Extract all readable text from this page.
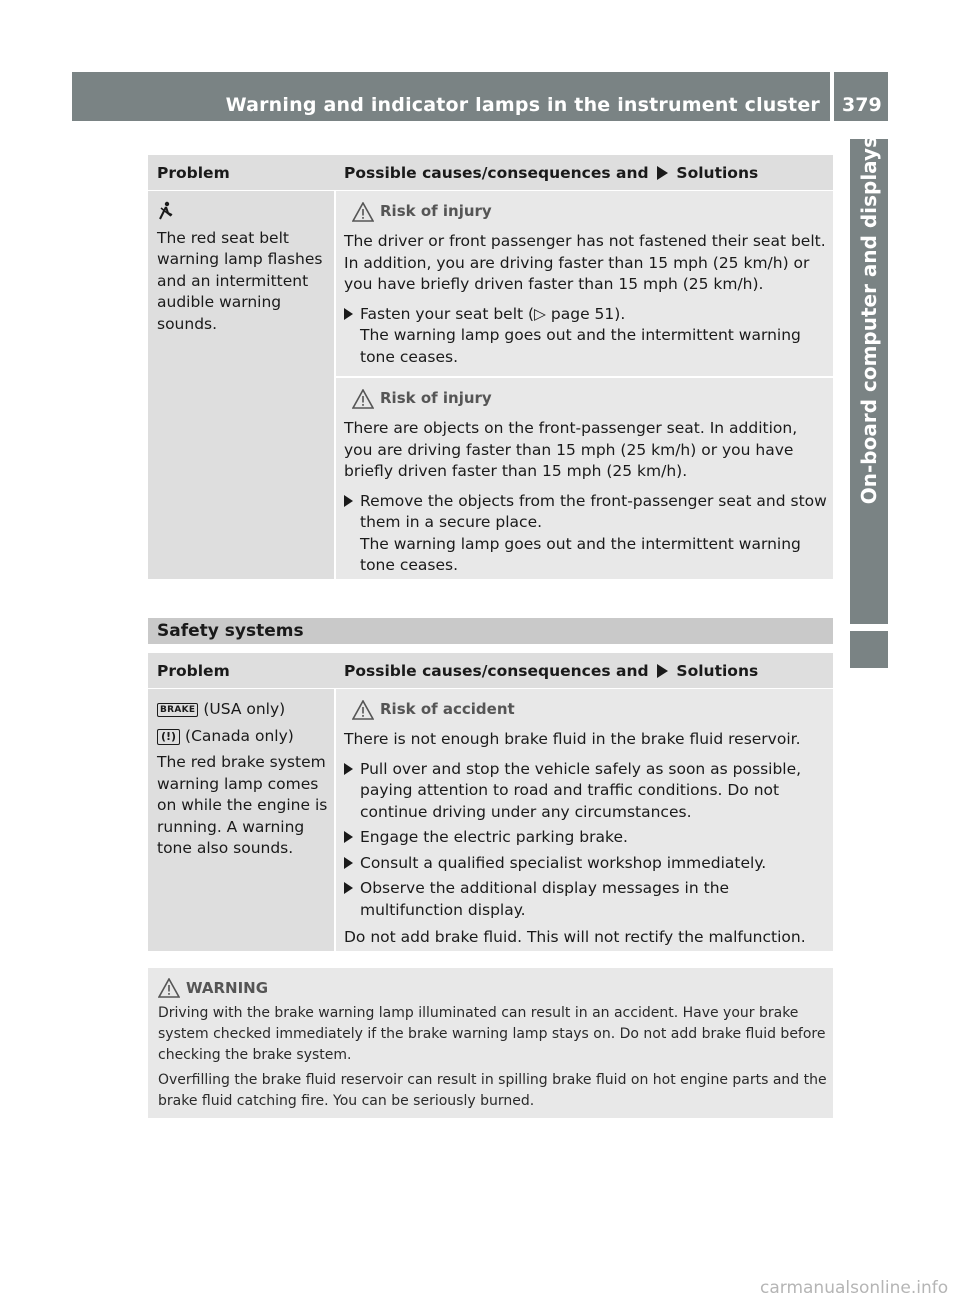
Warning and indicator lamps in the instrument cluster 379
On-board computer and displays
Problem	Possible causes/consequences and Solutions
The red seat belt warning lamp flashes and an intermittent audible warning sounds.
Risk of injury
The driver or front passenger has not fastened their seat belt. In addition, you are driving faster than 15 mph (25 km/h) or you have briefly driven faster than 15 mph (25 km/h).
Fasten your seat belt (▷ page 51).
The warning lamp goes out and the intermittent warning tone ceases.
Risk of injury
There are objects on the front-passenger seat. In addition, you are driving faster than 15 mph (25 km/h) or you have briefly driven faster than 15 mph (25 km/h).
Remove the objects from the front-passenger seat and stow them in a secure place.
The warning lamp goes out and the intermittent warning tone ceases.
Safety systems
Problem	Possible causes/consequences and Solutions
BRAKE (USA only)
(!) (Canada only)
The red brake system warning lamp comes on while the engine is running. A warning tone also sounds.
Risk of accident
There is not enough brake fluid in the brake fluid reservoir.
Pull over and stop the vehicle safely as soon as possible, paying attention to road and traffic conditions. Do not continue driving under any circumstances.
Engage the electric parking brake.
Consult a qualified specialist workshop immediately.
Observe the additional display messages in the multifunction display.
Do not add brake fluid. This will not rectify the malfunction.
WARNING

Driving with the brake warning lamp illuminated can result in an accident. Have your brake system checked immediately if the brake warning lamp stays on. Do not add brake fluid before checking the brake system.

Overfilling the brake fluid reservoir can result in spilling brake fluid on hot engine parts and the brake fluid catching fire. You can be seriously burned.

carmanualsonline.info
